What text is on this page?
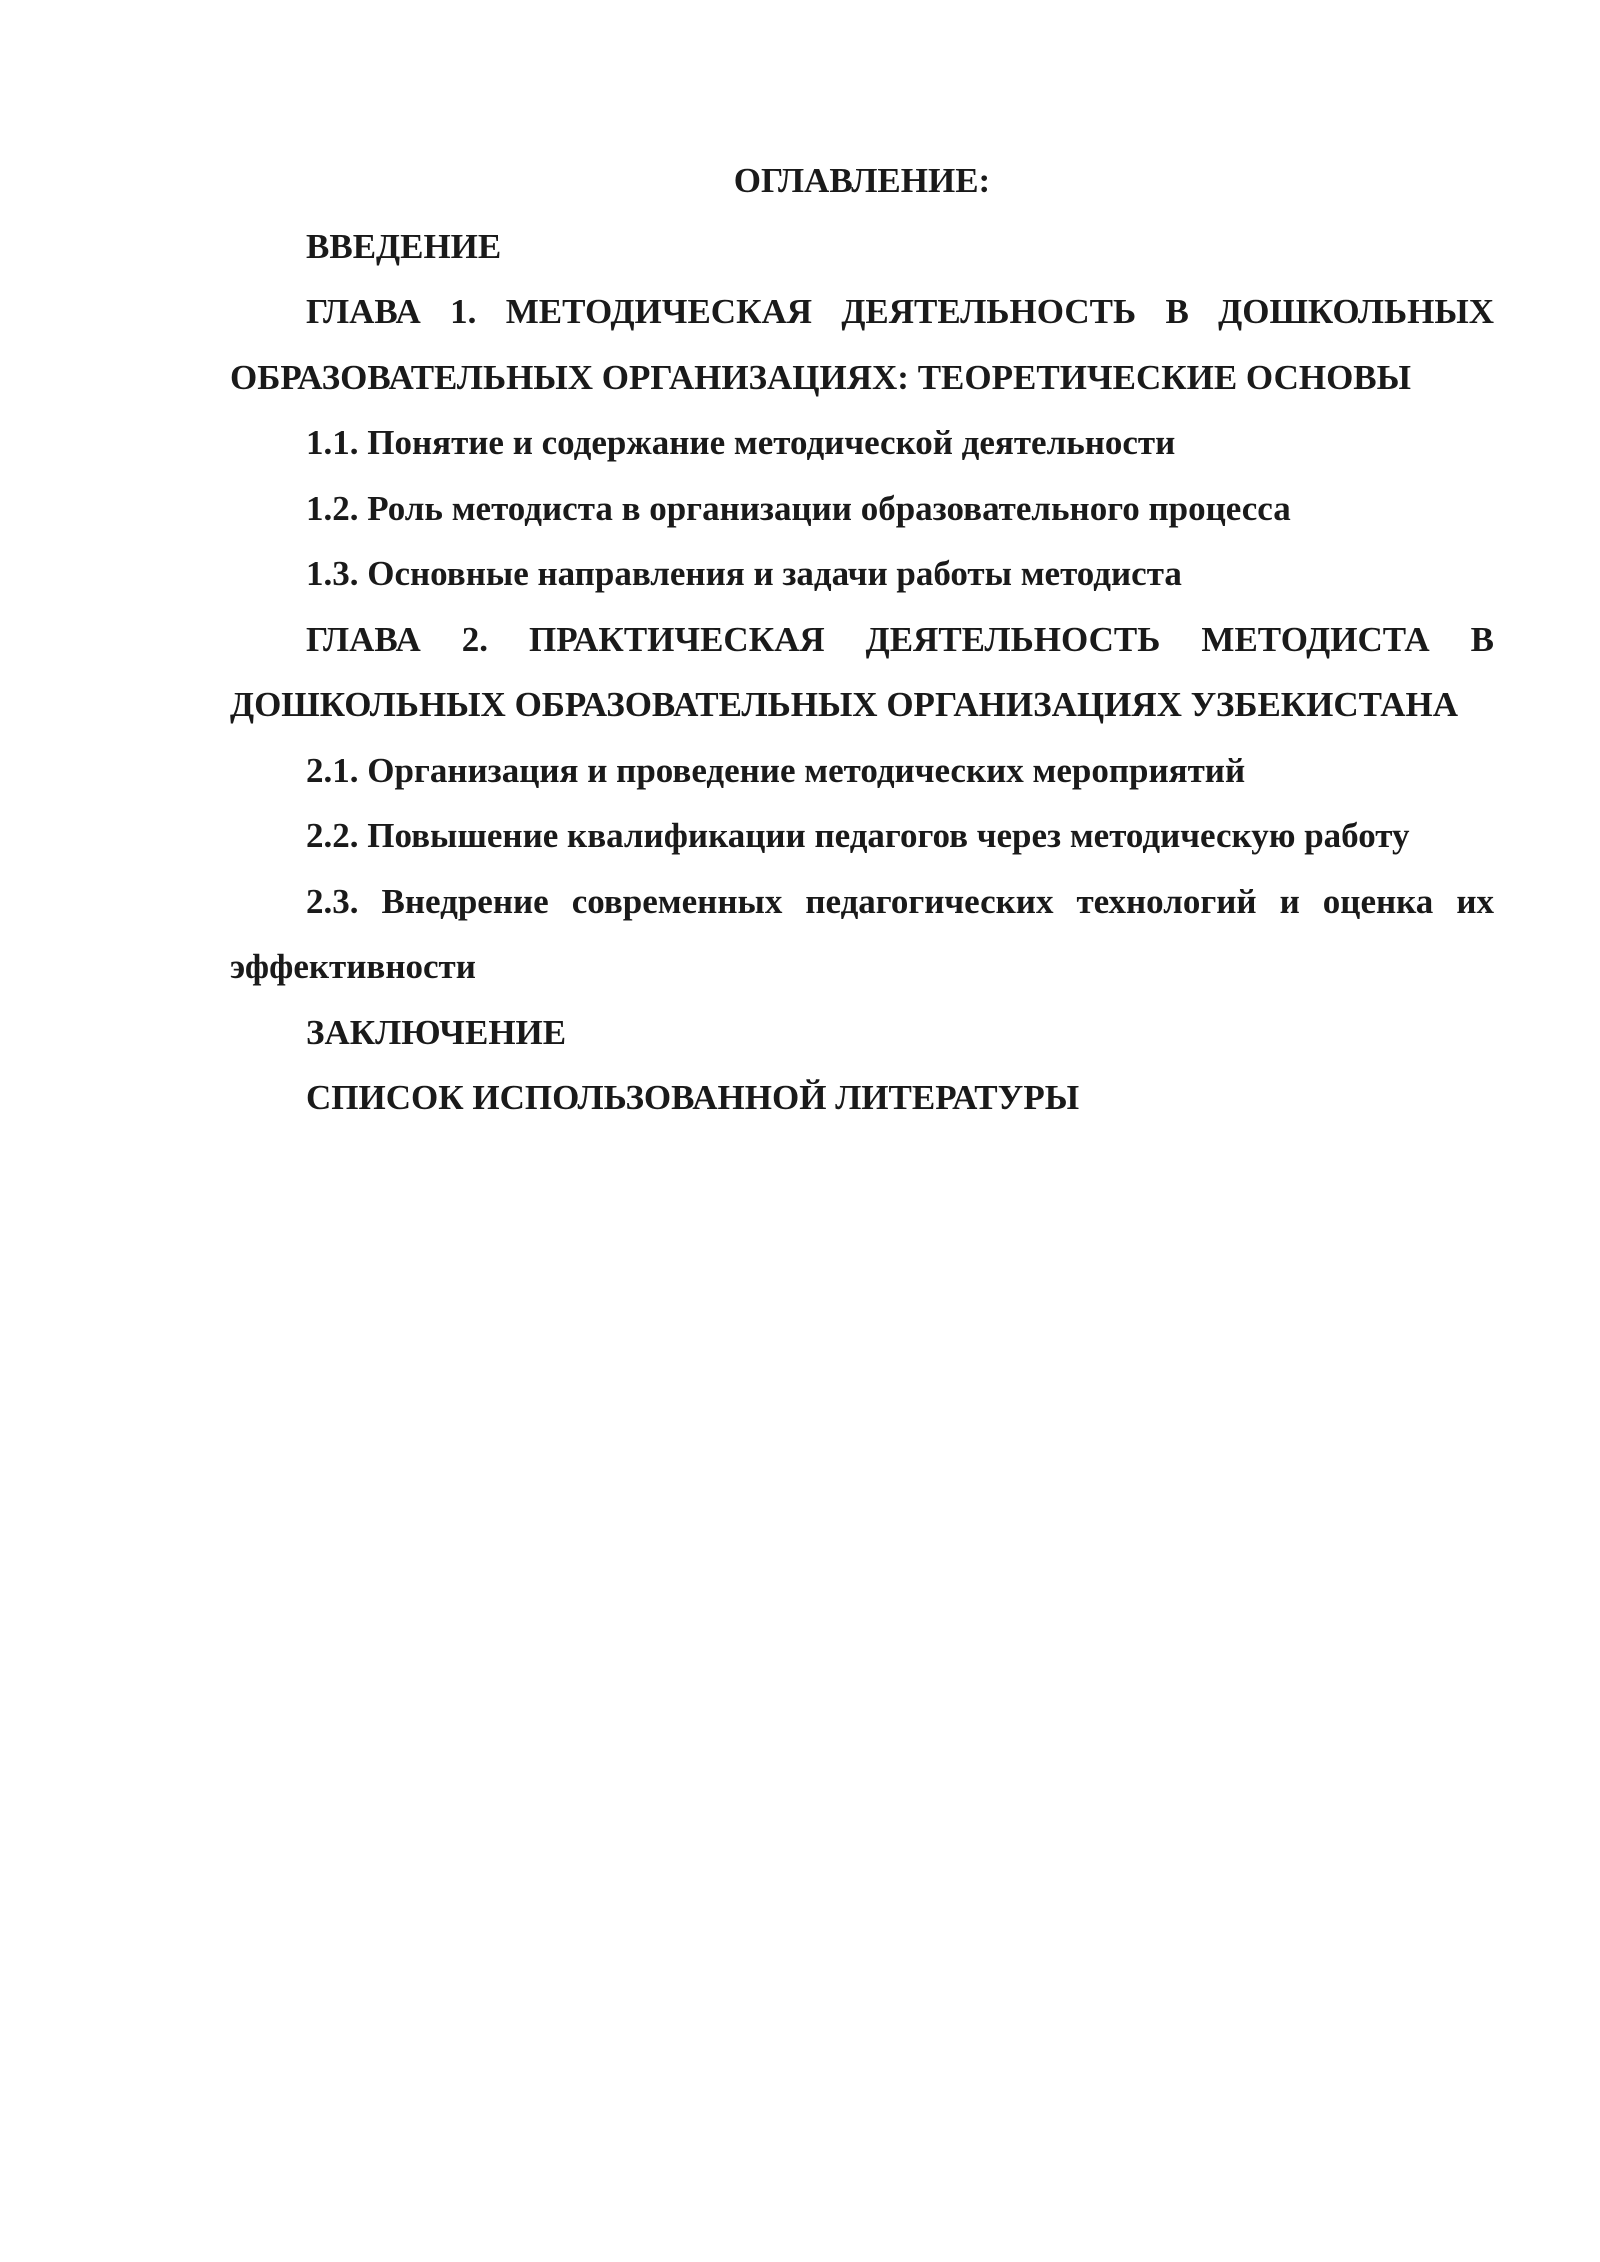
ОГЛАВЛЕНИЕ:

ВВЕДЕНИЕ

ГЛАВА 1. МЕТОДИЧЕСКАЯ ДЕЯТЕЛЬНОСТЬ В ДОШКОЛЬНЫХ ОБРАЗОВАТЕЛЬНЫХ ОРГАНИЗАЦИЯХ: ТЕОРЕТИЧЕСКИЕ ОСНОВЫ

1.1. Понятие и содержание методической деятельности

1.2. Роль методиста в организации образовательного процесса

1.3. Основные направления и задачи работы методиста

ГЛАВА 2. ПРАКТИЧЕСКАЯ ДЕЯТЕЛЬНОСТЬ МЕТОДИСТА В ДОШКОЛЬНЫХ ОБРАЗОВАТЕЛЬНЫХ ОРГАНИЗАЦИЯХ УЗБЕКИСТАНА

2.1. Организация и проведение методических мероприятий

2.2. Повышение квалификации педагогов через методическую работу

2.3. Внедрение современных педагогических технологий и оценка их эффективности

ЗАКЛЮЧЕНИЕ

СПИСОК ИСПОЛЬЗОВАННОЙ ЛИТЕРАТУРЫ
